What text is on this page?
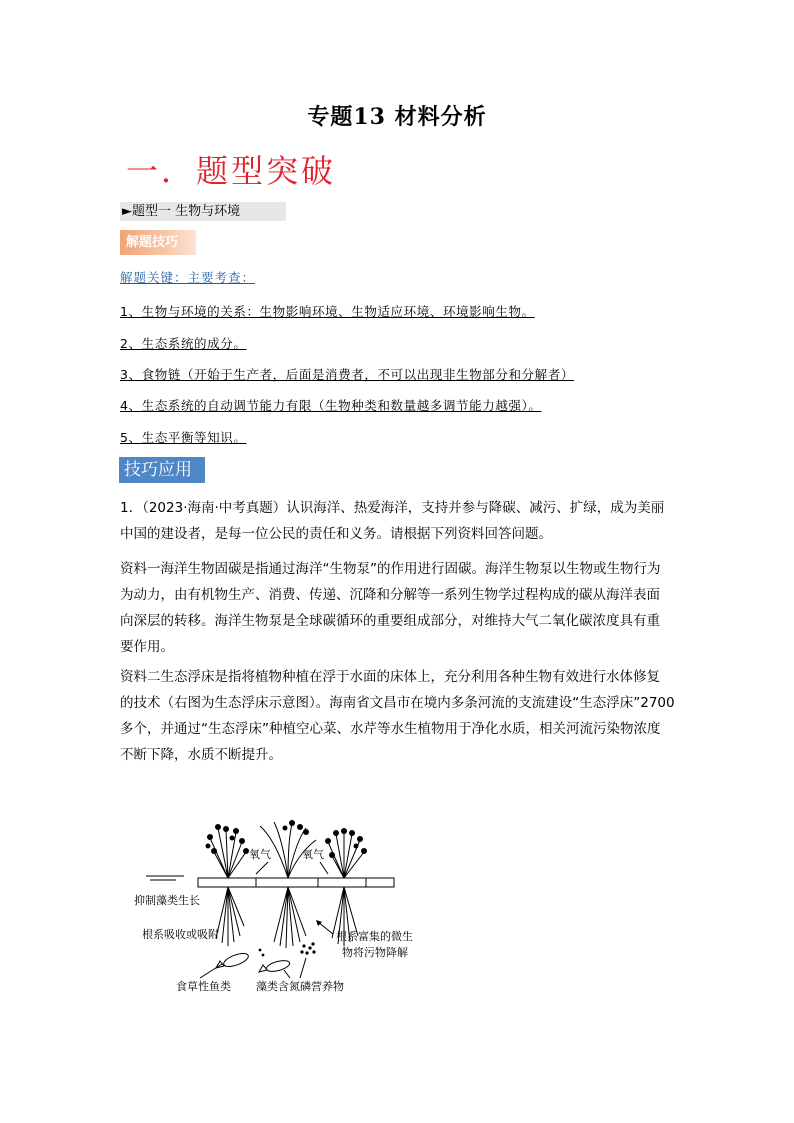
专题13 材料分析
一．题型突破
►题型一 生物与环境
解题技巧
解题关键：主要考查：
1、生物与环境的关系：生物影响环境、生物适应环境、环境影响生物。
2、生态系统的成分。
3、食物链（开始于生产者，后面是消费者，不可以出现非生物部分和分解者）
4、生态系统的自动调节能力有限（生物种类和数量越多调节能力越强）。
5、生态平衡等知识。
技巧应用
1．（2023·海南·中考真题）认识海洋、热爱海洋，支持并参与降碳、减污、扩绿，成为美丽
中国的建设者，是每一位公民的责任和义务。请根据下列资料回答问题。
资料一海洋生物固碳是指通过海洋“生物泵”的作用进行固碳。海洋生物泵以生物或生物行为
为动力，由有机物生产、消费、传递、沉降和分解等一系列生物学过程构成的碳从海洋表面
向深层的转移。海洋生物泵是全球碳循环的重要组成部分，对维持大气二氧化碳浓度具有重
要作用。
资料二生态浮床是指将植物种植在浮于水面的床体上，充分利用各种生物有效进行水体修复
的技术（右图为生态浮床示意图）。海南省文昌市在境内多条河流的支流建设“生态浮床”2700
多个，并通过“生态浮床”种植空心菜、水芹等水生植物用于净化水质，相关河流污染物浓度
不断下降，水质不断提升。
氧气	氧气
抑制藻类生长
根系吸收或吸附	根系富集的微生
物将污物降解
食草性鱼类 藻类含氮磷营养物
